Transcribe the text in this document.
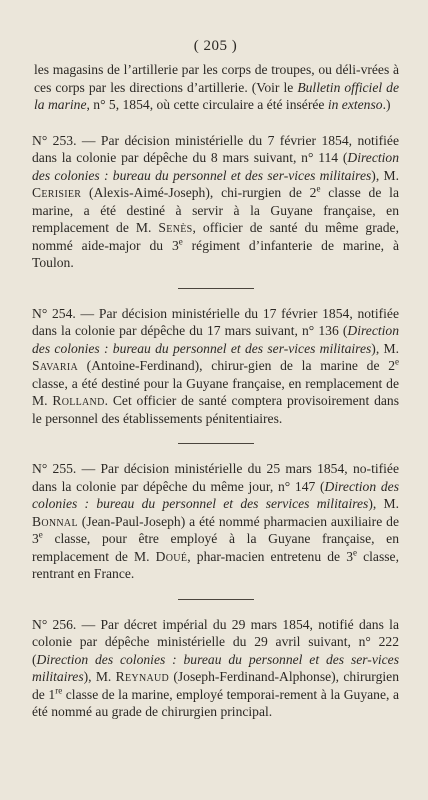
( 205 )

les magasins de l’artillerie par les corps de troupes, ou déli-vrées à ces corps par les directions d’artillerie. (Voir le Bulletin officiel de la marine, n° 5, 1854, où cette circulaire a été insérée in extenso.)

N° 253. — Par décision ministérielle du 7 février 1854, notifiée dans la colonie par dépêche du 8 mars suivant, n° 114 (Direction des colonies : bureau du personnel et des ser-vices militaires), M. Cerisier (Alexis-Aimé-Joseph), chi-rurgien de 2e classe de la marine, a été destiné à servir à la Guyane française, en remplacement de M. Senès, officier de santé du même grade, nommé aide-major du 3e régiment d’infanterie de marine, à Toulon.

N° 254. — Par décision ministérielle du 17 février 1854, notifiée dans la colonie par dépêche du 17 mars suivant, n° 136 (Direction des colonies : bureau du personnel et des ser-vices militaires), M. Savaria (Antoine-Ferdinand), chirur-gien de la marine de 2e classe, a été destiné pour la Guyane française, en remplacement de M. Rolland. Cet officier de santé comptera provisoirement dans le personnel des établissements pénitentiaires.

N° 255. — Par décision ministérielle du 25 mars 1854, no-tifiée dans la colonie par dépêche du même jour, n° 147 (Direction des colonies : bureau du personnel et des services militaires), M. Bonnal (Jean-Paul-Joseph) a été nommé pharmacien auxiliaire de 3e classe, pour être employé à la Guyane française, en remplacement de M. Doué, phar-macien entretenu de 3e classe, rentrant en France.

N° 256. — Par décret impérial du 29 mars 1854, notifié dans la colonie par dépêche ministérielle du 29 avril suivant, n° 222 (Direction des colonies : bureau du personnel et des ser-vices militaires), M. Reynaud (Joseph-Ferdinand-Alphonse), chirurgien de 1re classe de la marine, employé temporai-rement à la Guyane, a été nommé au grade de chirurgien principal.
